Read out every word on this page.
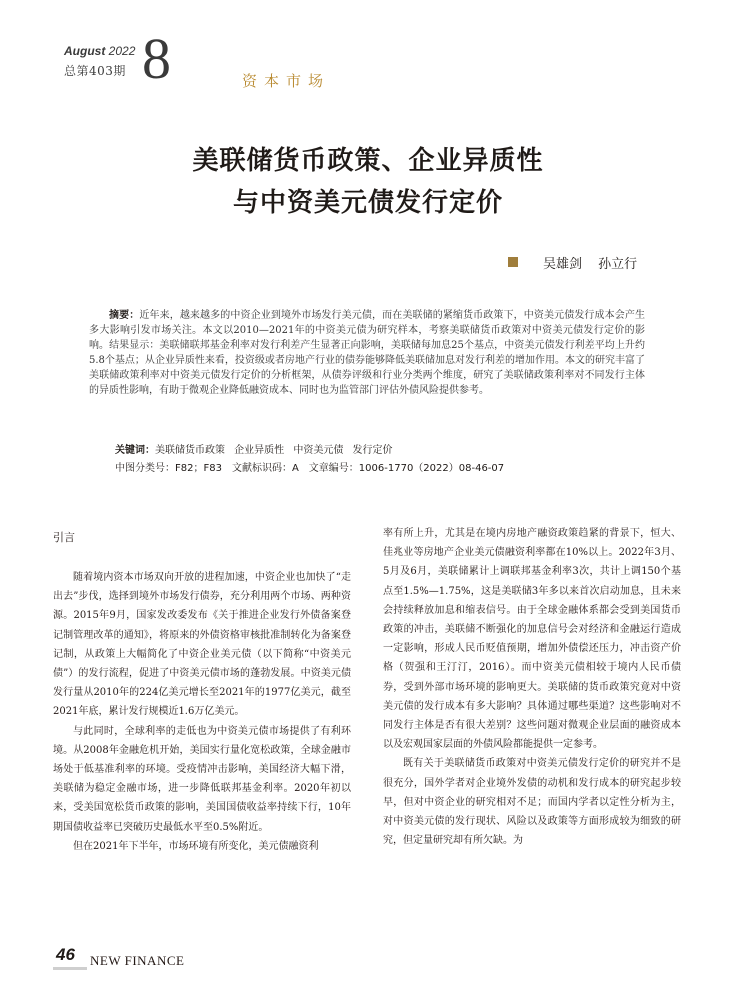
August 2022
总第403期 8	资本市场
美联储货币政策、企业异质性
与中资美元债发行定价
吴雄剑 孙立行
摘要：近年来，越来越多的中资企业到境外市场发行美元债，而在美联储的紧缩货币政策下，中资美元债发行成本会产生多大影响引发市场关注。本文以2010—2021年的中资美元债为研究样本，考察美联储货币政策对中资美元债发行定价的影响。结果显示：美联储联邦基金利率对发行利差产生显著正向影响，美联储每加息25个基点，中资美元债发行利差平均上升约5.8个基点；从企业异质性来看，投资级或者房地产行业的债券能够降低美联储加息对发行利差的增加作用。本文的研究丰富了美联储政策利率对中资美元债发行定价的分析框架，从债券评级和行业分类两个维度，研究了美联储政策利率对不同发行主体的异质性影响，有助于微观企业降低融资成本、同时也为监管部门评估外债风险提供参考。
关键词：美联储货币政策 企业异质性 中资美元债 发行定价
中图分类号：F82；F83　文献标识码：A　文章编号：1006-1770（2022）08-46-07
引言

随着境内资本市场双向开放的进程加速，中资企业也加快了“走出去”步伐，选择到境外市场发行债券，充分利用两个市场、两种资源。2015年9月，国家发改委发布《关于推进企业发行外债备案登记制管理改革的通知》，将原来的外债资格审核批准制转化为备案登记制，从政策上大幅简化了中资企业美元债（以下简称“中资美元债”）的发行流程，促进了中资美元债市场的蓬勃发展。中资美元债发行量从2010年的224亿美元增长至2021年的1977亿美元，截至2021年底，累计发行规模近1.6万亿美元。

与此同时，全球利率的走低也为中资美元债市场提供了有利环境。从2008年金融危机开始，美国实行量化宽松政策，全球金融市场处于低基准利率的环境。受疫情冲击影响，美国经济大幅下滑，美联储为稳定金融市场，进一步降低联邦基金利率。2020年初以来，受美国宽松货币政策的影响，美国国债收益率持续下行，10年期国债收益率已突破历史最低水平至0.5%附近。

但在2021年下半年，市场环境有所变化，美元债融资利

率有所上升，尤其是在境内房地产融资政策趋紧的背景下，恒大、佳兆业等房地产企业美元债融资利率都在10%以上。2022年3月、5月及6月，美联储累计上调联邦基金利率3次，共计上调150个基点至1.5%—1.75%，这是美联储3年多以来首次启动加息，且未来会持续释放加息和缩表信号。由于全球金融体系都会受到美国货币政策的冲击，美联储不断强化的加息信号会对经济和金融运行造成一定影响，形成人民币贬值预期，增加外债偿还压力，冲击资产价格（贺强和王汀汀，2016）。而中资美元债相较于境内人民币债券，受到外部市场环境的影响更大。美联储的货币政策究竟对中资美元债的发行成本有多大影响？具体通过哪些渠道？这些影响对不同发行主体是否有很大差别？这些问题对微观企业层面的融资成本以及宏观国家层面的外债风险都能提供一定参考。

既有关于美联储货币政策对中资美元债发行定价的研究并不是很充分，国外学者对企业境外发债的动机和发行成本的研究起步较早，但对中资企业的研究相对不足；而国内学者以定性分析为主，对中资美元债的发行现状、风险以及政策等方面形成较为细致的研究，但定量研究却有所欠缺。为

46 NEW FINANCE
